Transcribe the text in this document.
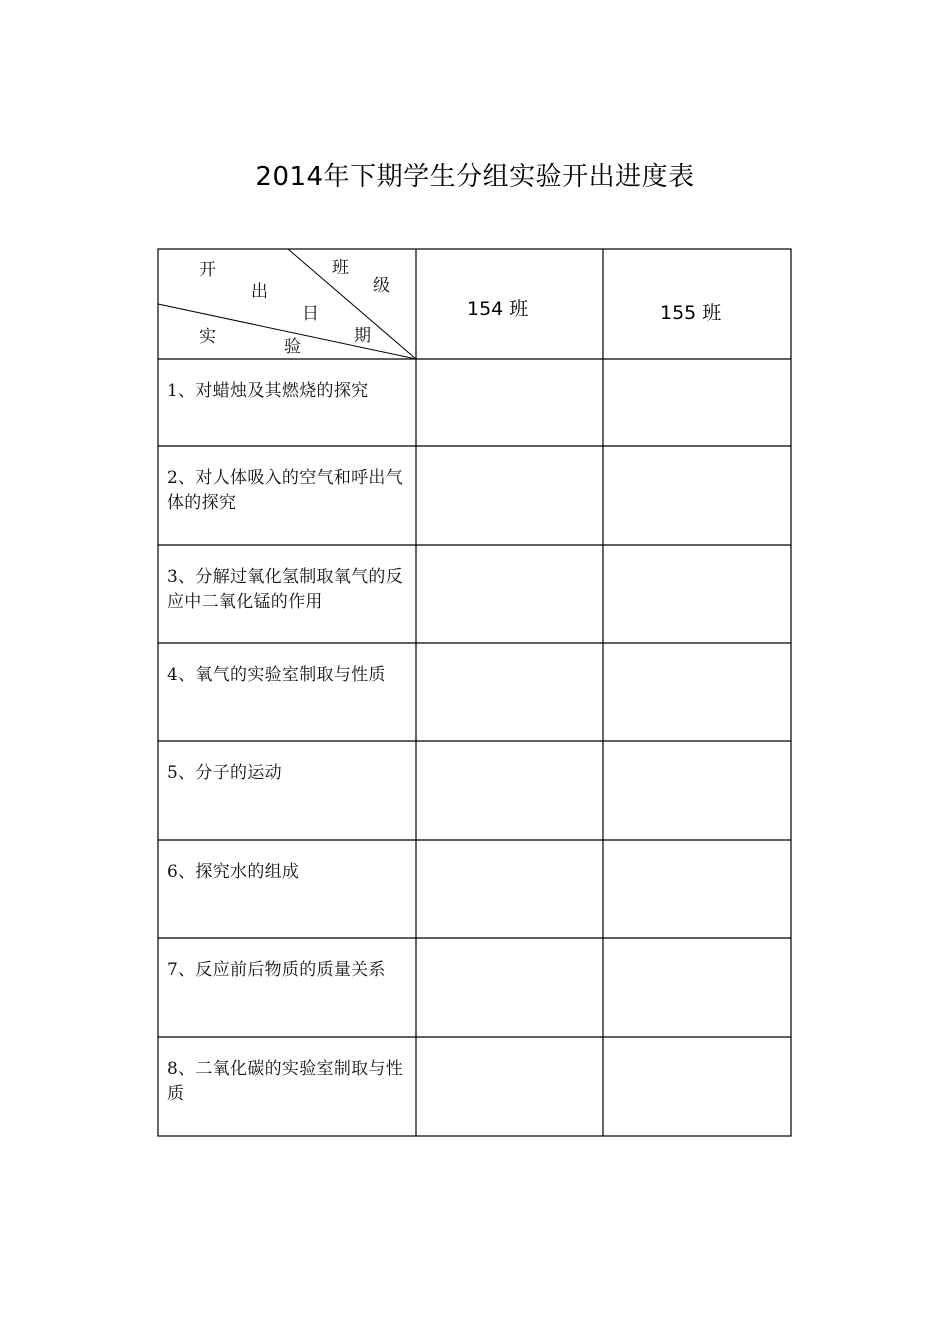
2014年下期学生分组实验开出进度表
开
出
日
班
级
实	验
期
154 班	155 班
1、对蜡烛及其燃烧的探究
2、对人体吸入的空气和呼出气体的探究
3、分解过氧化氢制取氧气的反应中二氧化锰的作用
4、氧气的实验室制取与性质
5、分子的运动
6、探究水的组成
7、反应前后物质的质量关系
8、二氧化碳的实验室制取与性质
